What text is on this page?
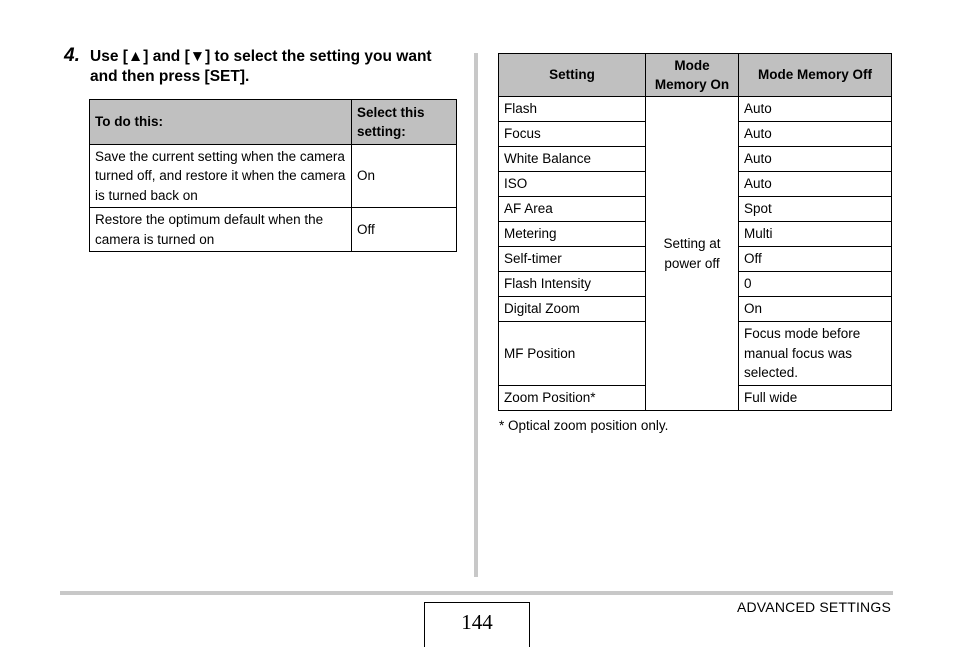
4. Use [▲] and [▼] to select the setting you want and then press [SET].
To do this:	Select this setting:
Save the current setting when the camera turned off, and restore it when the camera is turned back on	On
Restore the optimum default when the camera is turned on	Off
Setting	Mode Memory On	Mode Memory Off
Flash	Setting at power off	Auto
Focus		Auto
White Balance		Auto
ISO		Auto
AF Area		Spot
Metering		Multi
Self-timer		Off
Flash Intensity		0
Digital Zoom		On
MF Position		Focus mode before manual focus was selected.
Zoom Position*		Full wide
* Optical zoom position only.
ADVANCED SETTINGS
144
